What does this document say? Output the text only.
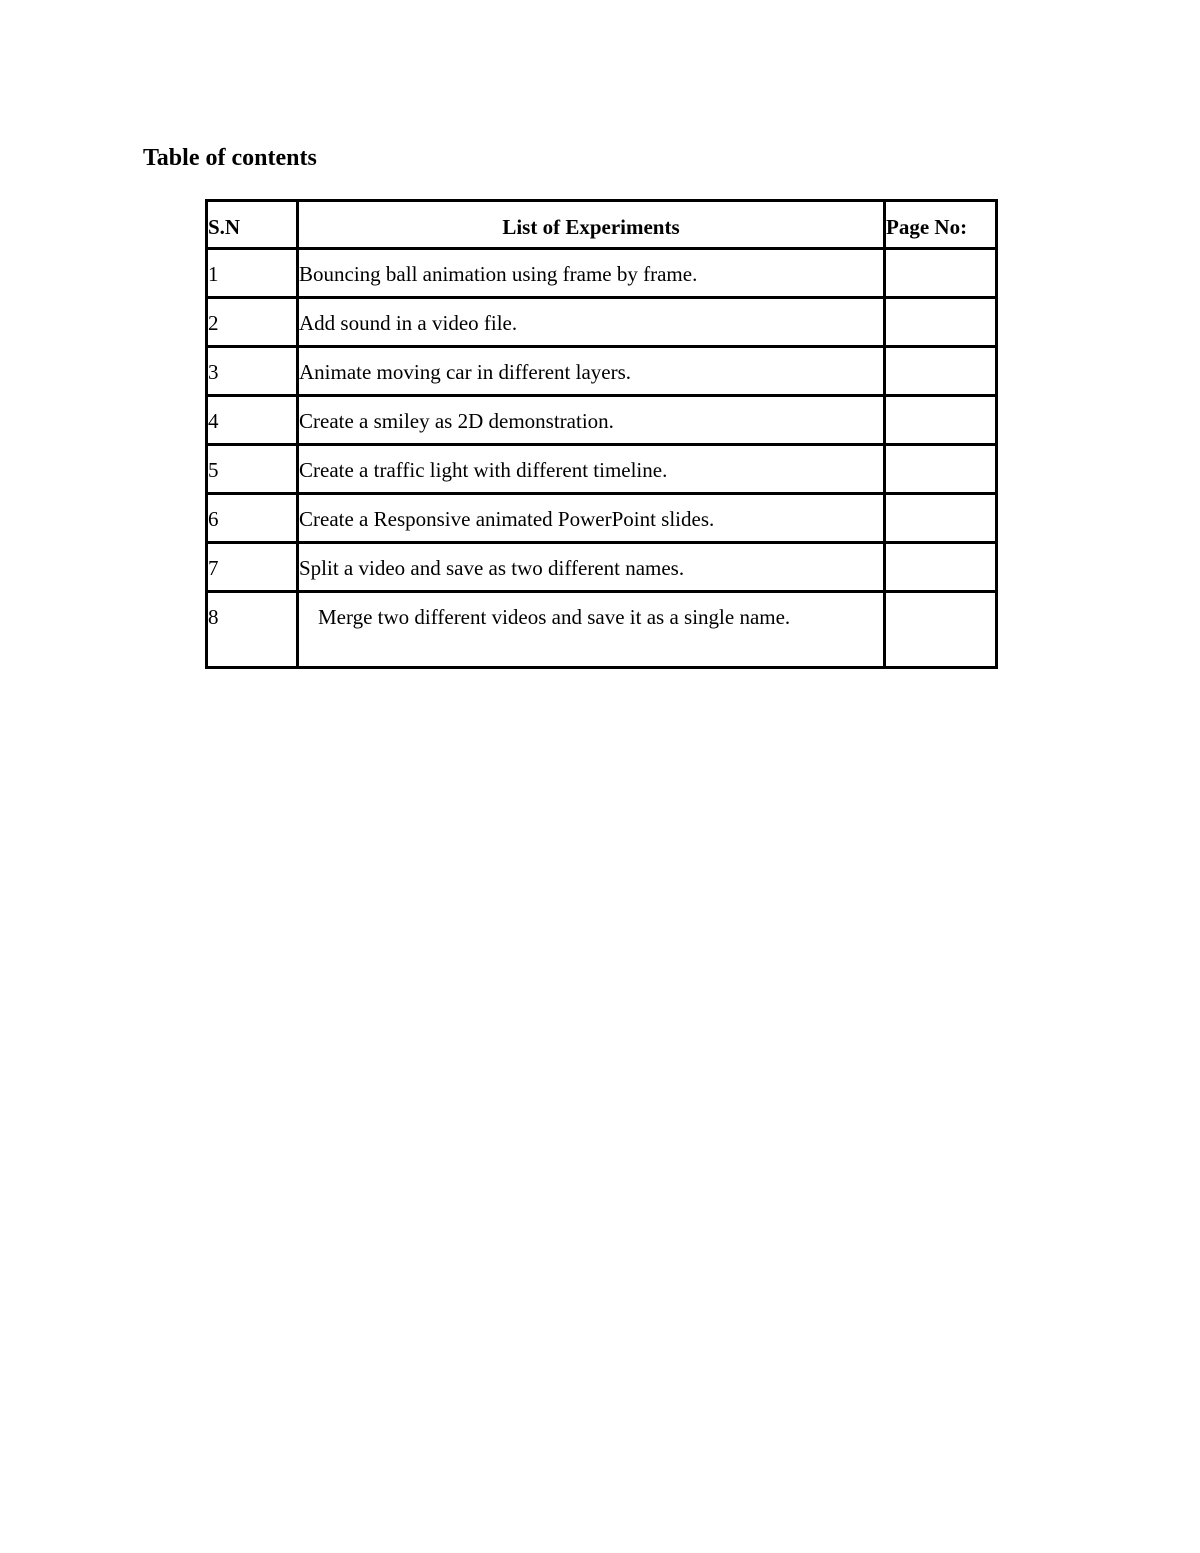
Table of contents
S.N	List of Experiments	Page No:
1	Bouncing ball animation using frame by frame.	
2	Add sound in a video file.	
3	Animate moving car in different layers.	
4	Create a smiley as 2D demonstration.	
5	Create a traffic light with different timeline.	
6	Create a Responsive animated PowerPoint slides.	
7	Split a video and save as two different names.	
8	Merge two different videos and save it as a single name.	
